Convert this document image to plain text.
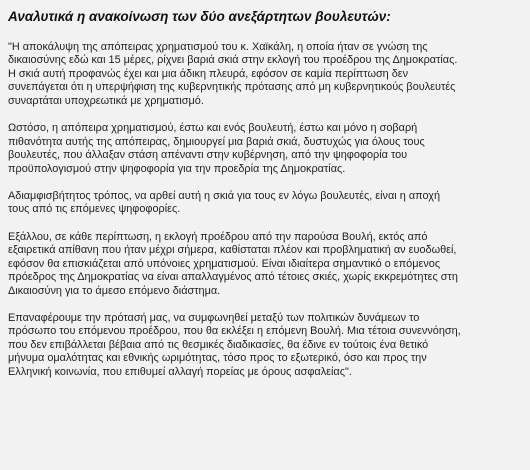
Αναλυτικά η ανακοίνωση των δύο ανεξάρτητων βουλευτών:

"Η αποκάλυψη της απόπειρας χρηματισμού του κ. Χαϊκάλη, η οποία ήταν σε γνώση της
δικαιοσύνης εδώ και 15 μέρες, ρίχνει βαριά σκιά στην εκλογή του προέδρου της Δημοκρατίας.
Η σκιά αυτή προφανώς έχει και μια άδικη πλευρά, εφόσον σε καμία περίπτωση δεν
συνεπάγεται ότι η υπερψήφιση της κυβερνητικής πρότασης από μη κυβερνητικούς βουλευτές
συναρτάται υποχρεωτικά με χρηματισμό.

Ωστόσο, η απόπειρα χρηματισμού, έστω και ενός βουλευτή, έστω και μόνο η σοβαρή
πιθανότητα αυτής της απόπειρας, δημιουργεί μια βαριά σκιά, δυστυχώς για όλους τους
βουλευτές, που άλλαξαν στάση απέναντι στην κυβέρνηση, από την ψηφοφορία του
προϋπολογισμού στην ψηφοφορία για την προεδρία της Δημοκρατίας.

Αδιαμφισβήτητος τρόπος, να αρθεί αυτή η σκιά για τους εν λόγω βουλευτές, είναι η αποχή
τους από τις επόμενες ψηφοφορίες.

Εξάλλου, σε κάθε περίπτωση, η εκλογή προέδρου από την παρούσα Βουλή, εκτός από
εξαιρετικά απίθανη που ήταν μέχρι σήμερα, καθίσταται πλέον και προβληματική αν ευοδωθεί,
εφόσον θα επισκιάζεται από υπόνοιες χρηματισμού. Είναι ιδιαίτερα σημαντικό ο επόμενος
πρόεδρος της Δημοκρατίας να είναι απαλλαγμένος από τέτοιες σκιές, χωρίς εκκρεμότητες στη
Δικαιοσύνη για το άμεσο επόμενο διάστημα.

Επαναφέρουμε την πρότασή μας, να συμφωνηθεί μεταξύ των πολιτικών δυνάμεων το
πρόσωπο του επόμενου προέδρου, που θα εκλέξει η επόμενη Βουλή. Μια τέτοια συνεννόηση,
που δεν επιβάλλεται βέβαια από τις θεσμικές διαδικασίες, θα έδινε εν τούτοις ένα θετικό
μήνυμα ομαλότητας και εθνικής ωριμότητας, τόσο προς το εξωτερικό, όσο και προς την
Ελληνική κοινωνία, που επιθυμεί αλλαγή πορείας με όρους ασφαλείας".
